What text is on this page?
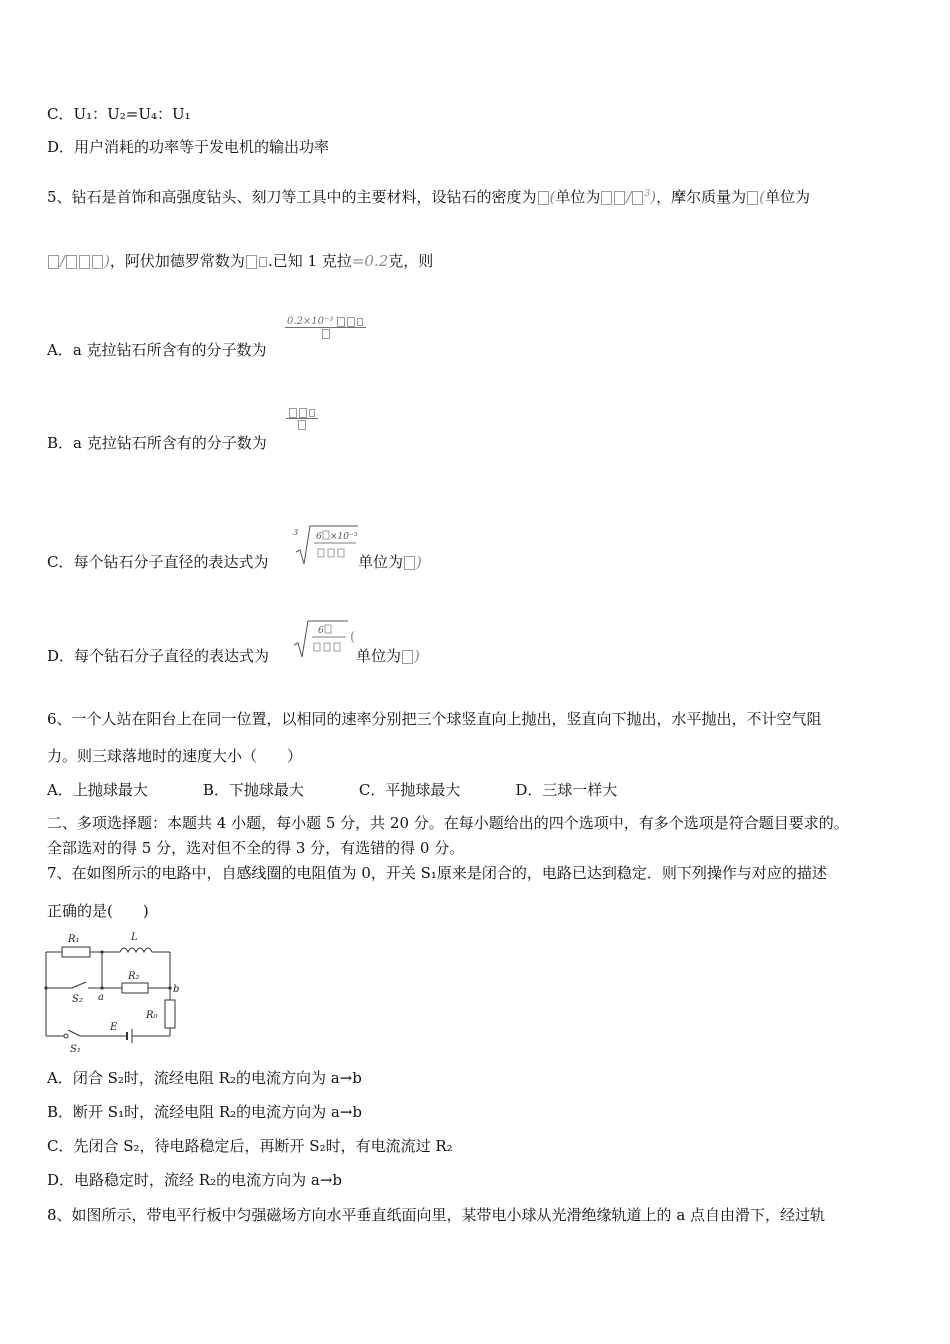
C．U₁：U₂=U₄：U₁
D．用户消耗的功率等于发电机的输出功率
5、钻石是首饰和高强度钻头、刻刀等工具中的主要材料，设钻石的密度为 (单位为 / $^3$)，摩尔质量为 (单位为
/	)，阿伏加德罗常数为 .已知 1 克拉=0.2克，则
A．a 克拉钻石所含有的分子数为
0.2×10⁻³
B．a 克拉钻石所含有的分子数为
C．每个钻石分子直径的表达式为
3 6 ×10⁻³
单位为 )
D．每个钻石分子直径的表达式为
6 (
单位为 )
6、一个人站在阳台上在同一位置，以相同的速率分别把三个球竖直向上抛出，竖直向下抛出，水平抛出，不计空气阻
力。则三球落地时的速度大小（　　）
A．上抛球最大	B．下抛球最大	C．平抛球最大	D．三球一样大
二、多项选择题：本题共 4 小题，每小题 5 分，共 20 分。在每小题给出的四个选项中，有多个选项是符合题目要求的。
全部选对的得 5 分，选对但不全的得 3 分，有选错的得 0 分。
7、在如图所示的电路中，自感线圈的电阻值为 0，开关 S₁原来是闭合的，电路已达到稳定．则下列操作与对应的描述
正确的是(　　)
R₁	L
R₂
S₂ a
b
R₀
E
S₁
A．闭合 S₂时，流经电阻 R₂的电流方向为 a→b
B．断开 S₁时，流经电阻 R₂的电流方向为 a→b
C．先闭合 S₂，待电路稳定后，再断开 S₂时，有电流流过 R₂
D．电路稳定时，流经 R₂的电流方向为 a→b
8、如图所示，带电平行板中匀强磁场方向水平垂直纸面向里，某带电小球从光滑绝缘轨道上的 a 点自由滑下，经过轨
